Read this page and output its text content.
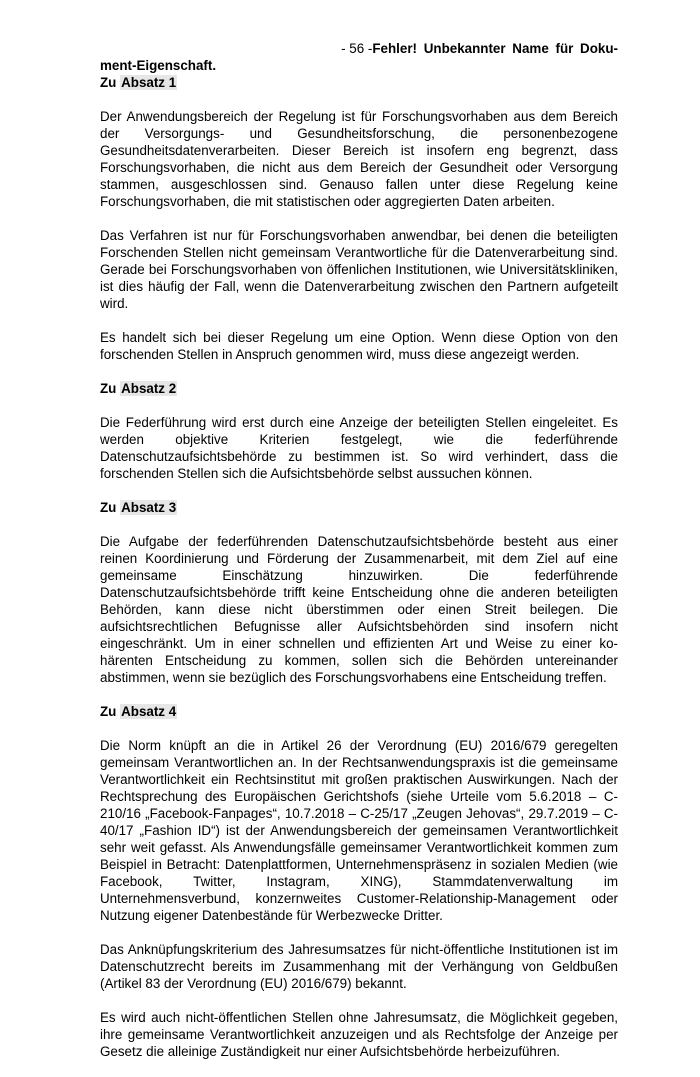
- 56 -Fehler! Unbekannter Name für Doku-

ment-Eigenschaft.

Zu Absatz 1

Der Anwendungsbereich der Regelung ist für Forschungsvorhaben aus dem Bereich der Versorgungs- und Gesundheitsforschung, die personenbezogene Gesundheitsdatenverarbeiten. Dieser Bereich ist insofern eng begrenzt, dass Forschungsvorhaben, die nicht aus dem Bereich der Gesundheit oder Versorgung stammen, ausgeschlossen sind. Genauso fallen unter diese Regelung keine Forschungsvorhaben, die mit statistischen oder aggregierten Daten arbeiten.

Das Verfahren ist nur für Forschungsvorhaben anwendbar, bei denen die beteiligten Forschenden Stellen nicht gemeinsam Verantwortliche für die Datenverarbeitung sind. Gerade bei Forschungsvorhaben von öffenlichen Institutionen, wie Universitätskliniken, ist dies häufig der Fall, wenn die Datenverarbeitung zwischen den Partnern aufgeteilt wird.

Es handelt sich bei dieser Regelung um eine Option. Wenn diese Option von den forschenden Stellen in Anspruch genommen wird, muss diese angezeigt werden.

Zu Absatz 2

Die Federführung wird erst durch eine Anzeige der beteiligten Stellen eingeleitet. Es werden objektive Kriterien festgelegt, wie die federführende Datenschutzaufsichtsbehörde zu bestimmen ist. So wird verhindert, dass die forschenden Stellen sich die Aufsichtsbehörde selbst aussuchen können.

Zu Absatz 3

Die Aufgabe der federführenden Datenschutzaufsichtsbehörde besteht aus einer reinen Koordinierung und Förderung der Zusammenarbeit, mit dem Ziel auf eine gemeinsame Einschätzung hinzuwirken. Die federführende Datenschutzaufsichtsbehörde trifft keine Entscheidung ohne die anderen beteiligten Behörden, kann diese nicht überstimmen oder einen Streit beilegen. Die aufsichtsrechtlichen Befugnisse aller Aufsichtsbehörden sind insofern nicht eingeschränkt. Um in einer schnellen und effizienten Art und Weise zu einer kohärenten Entscheidung zu kommen, sollen sich die Behörden untereinander abstimmen, wenn sie bezüglich des Forschungsvorhabens eine Entscheidung treffen.

Zu Absatz 4

Die Norm knüpft an die in Artikel 26 der Verordnung (EU) 2016/679 geregelten gemeinsam Verantwortlichen an. In der Rechtsanwendungspraxis ist die gemeinsame Verantwortlichkeit ein Rechtsinstitut mit großen praktischen Auswirkungen. Nach der Rechtsprechung des Europäischen Gerichtshofs (siehe Urteile vom 5.6.2018 – C-210/16 „Facebook-Fanpages“, 10.7.2018 – C-25/17 „Zeugen Jehovas“, 29.7.2019 – C-40/17 „Fashion ID“) ist der Anwendungsbereich der gemeinsamen Verantwortlichkeit sehr weit gefasst. Als Anwendungsfälle gemeinsamer Verantwortlichkeit kommen zum Beispiel in Betracht: Datenplattformen, Unternehmenspräsenz in sozialen Medien (wie Facebook, Twitter, Instagram, XING), Stammdatenverwaltung im Unternehmensverbund, konzernweites Customer-Relationship-Management oder Nutzung eigener Datenbestände für Werbezwecke Dritter.

Das Anknüpfungskriterium des Jahresumsatzes für nicht-öffentliche Institutionen ist im Datenschutzrecht bereits im Zusammenhang mit der Verhängung von Geldbußen (Artikel 83 der Verordnung (EU) 2016/679) bekannt.

Es wird auch nicht-öffentlichen Stellen ohne Jahresumsatz, die Möglichkeit gegeben, ihre gemeinsame Verantwortlichkeit anzuzeigen und als Rechtsfolge der Anzeige per Gesetz die alleinige Zuständigkeit nur einer Aufsichtsbehörde herbeizuführen.
